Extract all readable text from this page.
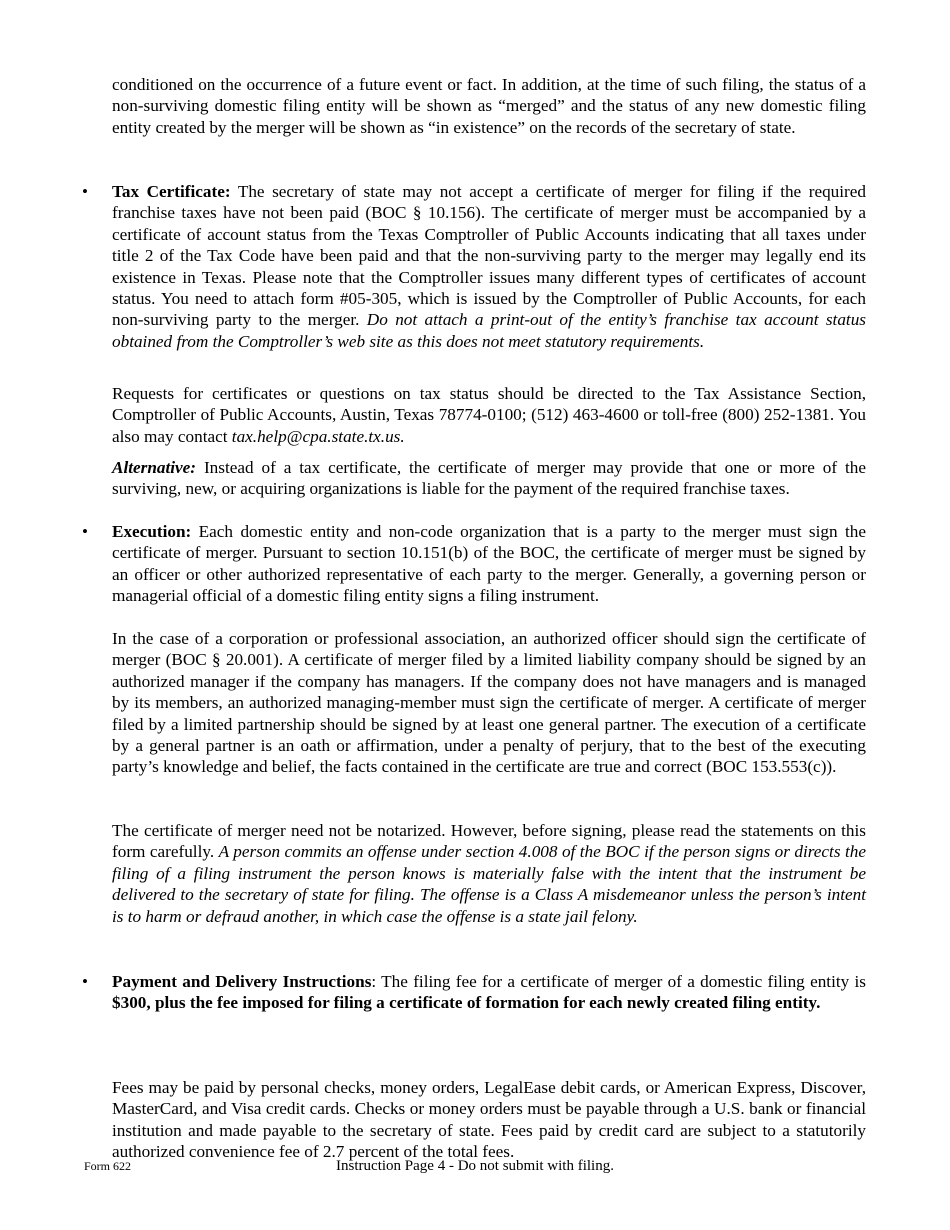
conditioned on the occurrence of a future event or fact. In addition, at the time of such filing, the status of a non-surviving domestic filing entity will be shown as “merged” and the status of any new domestic filing entity created by the merger will be shown as “in existence” on the records of the secretary of state.

• Tax Certificate: The secretary of state may not accept a certificate of merger for filing if the required franchise taxes have not been paid (BOC § 10.156). The certificate of merger must be accompanied by a certificate of account status from the Texas Comptroller of Public Accounts indicating that all taxes under title 2 of the Tax Code have been paid and that the non-surviving party to the merger may legally end its existence in Texas. Please note that the Comptroller issues many different types of certificates of account status. You need to attach form #05-305, which is issued by the Comptroller of Public Accounts, for each non-surviving party to the merger. Do not attach a print-out of the entity’s franchise tax account status obtained from the Comptroller’s web site as this does not meet statutory requirements.

Requests for certificates or questions on tax status should be directed to the Tax Assistance Section, Comptroller of Public Accounts, Austin, Texas 78774-0100; (512) 463-4600 or toll-free (800) 252-1381. You also may contact tax.help@cpa.state.tx.us.

Alternative: Instead of a tax certificate, the certificate of merger may provide that one or more of the surviving, new, or acquiring organizations is liable for the payment of the required franchise taxes.

• Execution: Each domestic entity and non-code organization that is a party to the merger must sign the certificate of merger. Pursuant to section 10.151(b) of the BOC, the certificate of merger must be signed by an officer or other authorized representative of each party to the merger. Generally, a governing person or managerial official of a domestic filing entity signs a filing instrument.

In the case of a corporation or professional association, an authorized officer should sign the certificate of merger (BOC § 20.001). A certificate of merger filed by a limited liability company should be signed by an authorized manager if the company has managers. If the company does not have managers and is managed by its members, an authorized managing-member must sign the certificate of merger. A certificate of merger filed by a limited partnership should be signed by at least one general partner. The execution of a certificate by a general partner is an oath or affirmation, under a penalty of perjury, that to the best of the executing party’s knowledge and belief, the facts contained in the certificate are true and correct (BOC 153.553(c)).

The certificate of merger need not be notarized. However, before signing, please read the statements on this form carefully. A person commits an offense under section 4.008 of the BOC if the person signs or directs the filing of a filing instrument the person knows is materially false with the intent that the instrument be delivered to the secretary of state for filing. The offense is a Class A misdemeanor unless the person’s intent is to harm or defraud another, in which case the offense is a state jail felony.

• Payment and Delivery Instructions: The filing fee for a certificate of merger of a domestic filing entity is $300, plus the fee imposed for filing a certificate of formation for each newly created filing entity.

Fees may be paid by personal checks, money orders, LegalEase debit cards, or American Express, Discover, MasterCard, and Visa credit cards. Checks or money orders must be payable through a U.S. bank or financial institution and made payable to the secretary of state. Fees paid by credit card are subject to a statutorily authorized convenience fee of 2.7 percent of the total fees.

Form 622	Instruction Page 4 - Do not submit with filing.
